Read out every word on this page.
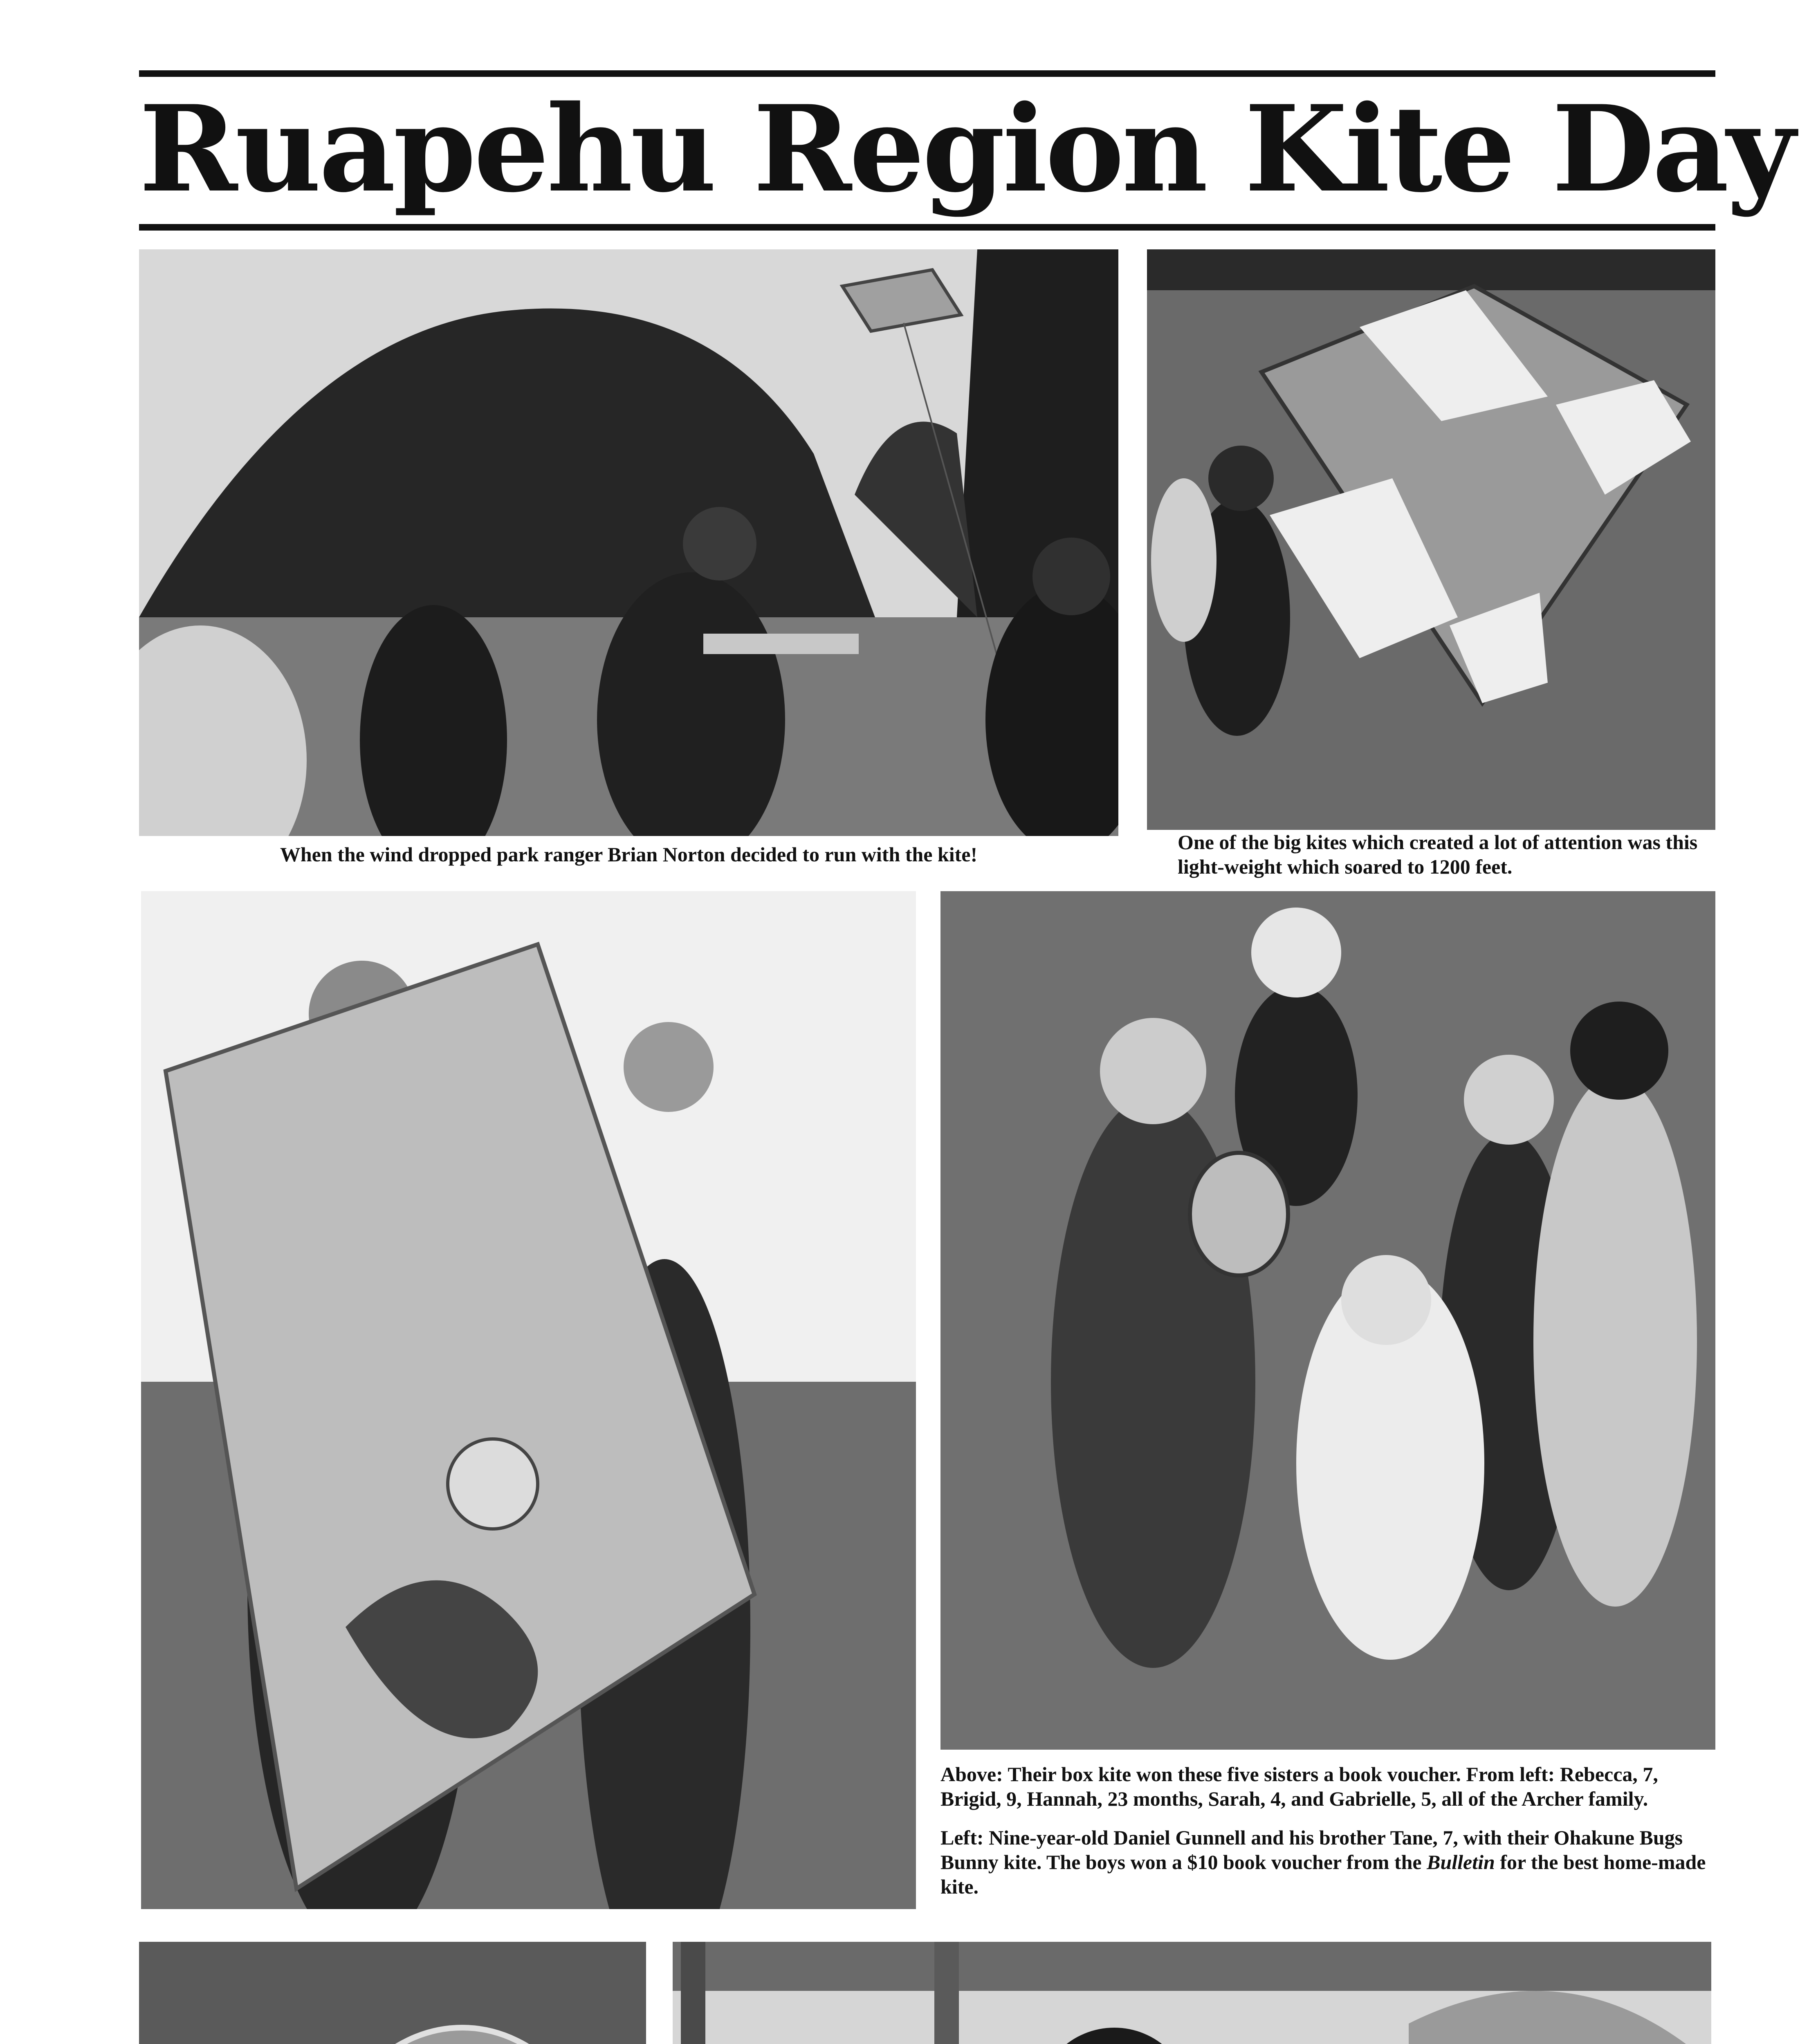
Ruapehu Region Kite Day
When the wind dropped park ranger Brian Norton decided to run with the kite!
One of the big kites which created a lot of attention was this light-weight which soared to 1200 feet.
Above: Their box kite won these five sisters a book voucher. From left: Rebecca, 7, Brigid, 9, Hannah, 23 months, Sarah, 4, and Gabrielle, 5, all of the Archer family.
Left: Nine-year-old Daniel Gunnell and his brother Tane, 7, with their Ohakune Bugs Bunny kite. The boys won a $10 book voucher from the Bulletin for the best home-made kite.
